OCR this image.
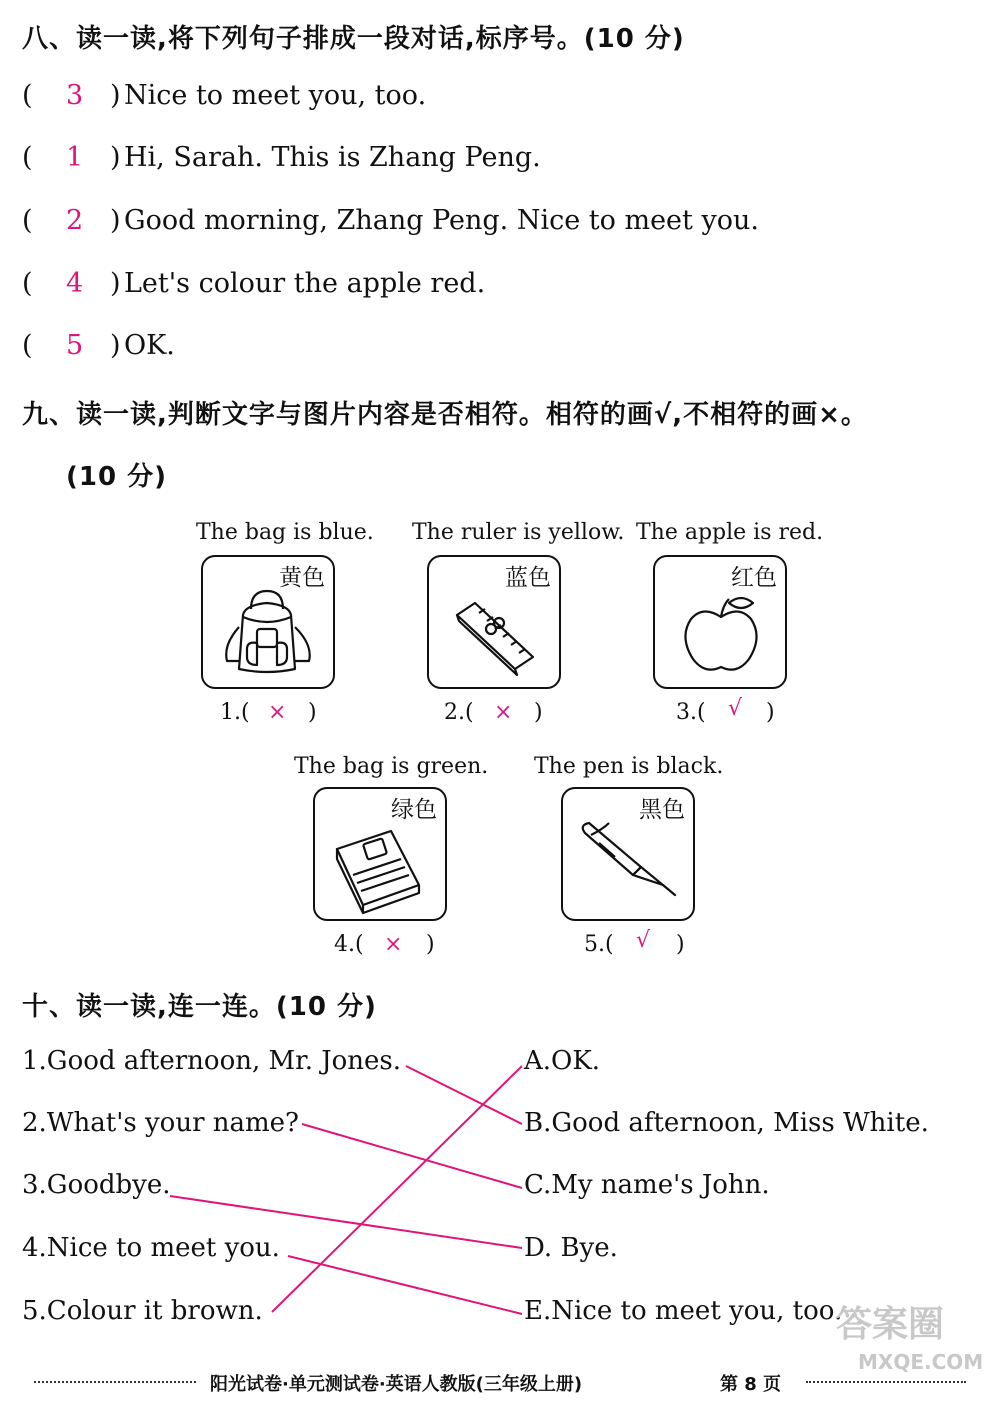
八、读一读,将下列句子排成一段对话,标序号。(10 分)
( 3 ) Nice to meet you, too.
( 1 ) Hi, Sarah. This is Zhang Peng.
( 2 ) Good morning, Zhang Peng. Nice to meet you.
( 4 ) Let's colour the apple red.
( 5 ) OK.
九、读一读,判断文字与图片内容是否相符。相符的画√,不相符的画×。
(10 分)
The bag is blue.
黄色
1.( × )
The ruler is yellow.
蓝色
2.( × )
The apple is red.
红色
3.( √ )
The bag is green.
绿色
4.( × )
The pen is black.
黑色
5.( √ )
十、读一读,连一连。(10 分)
1.Good afternoon, Mr. Jones.
2.What's your name?
3.Goodbye.
4.Nice to meet you.
5.Colour it brown.
A.OK.
B.Good afternoon, Miss White.
C.My name's John.
D. Bye.
E.Nice to meet you, too.
阳光试卷·单元测试卷·英语人教版(三年级上册)	第 8 页
答案圈
MXQE.COM
